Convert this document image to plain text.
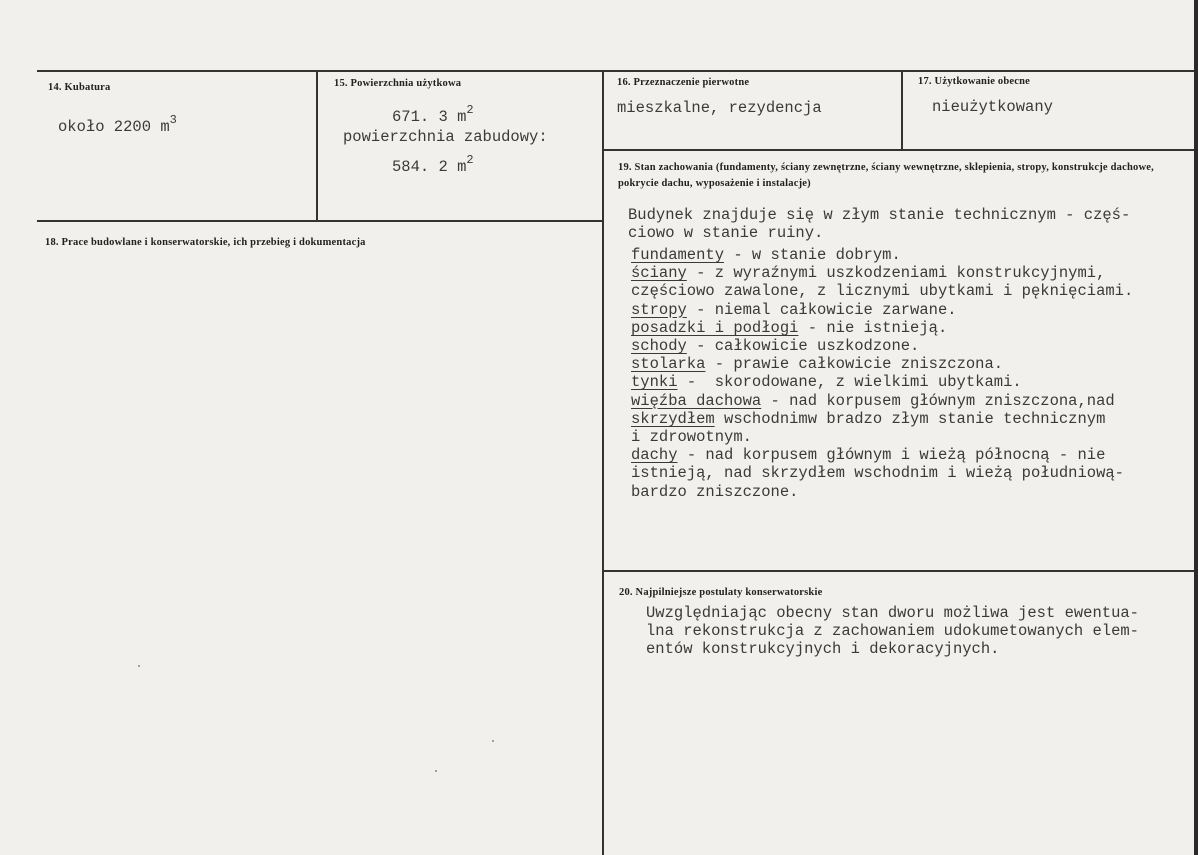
14. Kubatura
około 2200 $m^3$
15. Powierzchnia użytkowa
671. 3 $m^2$
powierzchnia zabudowy:
584. 2 $m^2$
16. Przeznaczenie pierwotne
mieszkalne, rezydencja
17. Użytkowanie obecne
nieużytkowany
18. Prace budowlane i konserwatorskie, ich przebieg i dokumentacja
19. Stan zachowania (fundamenty, ściany zewnętrzne, ściany wewnętrzne, sklepienia, stropy, konstrukcje dachowe, pokrycie dachu, wyposażenie i instalacje)
Budynek znajduje się w złym stanie technicznym - częś-
ciowo w stanie ruiny.
fundamenty - w stanie dobrym.
ściany - z wyraźnymi uszkodzeniami konstrukcyjnymi,
częściowo zawalone, z licznymi ubytkami i pęknięciami.
stropy - niemal całkowicie zarwane.
posadzki i podłogi - nie istnieją.
schody - całkowicie uszkodzone.
stolarka - prawie całkowicie zniszczona.
tynki -  skorodowane, z wielkimi ubytkami.
więźba dachowa - nad korpusem głównym zniszczona,nad
skrzydłem wschodnimw bradzo złym stanie technicznym
i zdrowotnym.
dachy - nad korpusem głównym i wieżą północną - nie
istnieją, nad skrzydłem wschodnim i wieżą południową-
bardzo zniszczone.
20. Najpilniejsze postulaty konserwatorskie
Uwzględniając obecny stan dworu możliwa jest ewentua-
lna rekonstrukcja z zachowaniem udokumetowanych elem-
entów konstrukcyjnych i dekoracyjnych.
